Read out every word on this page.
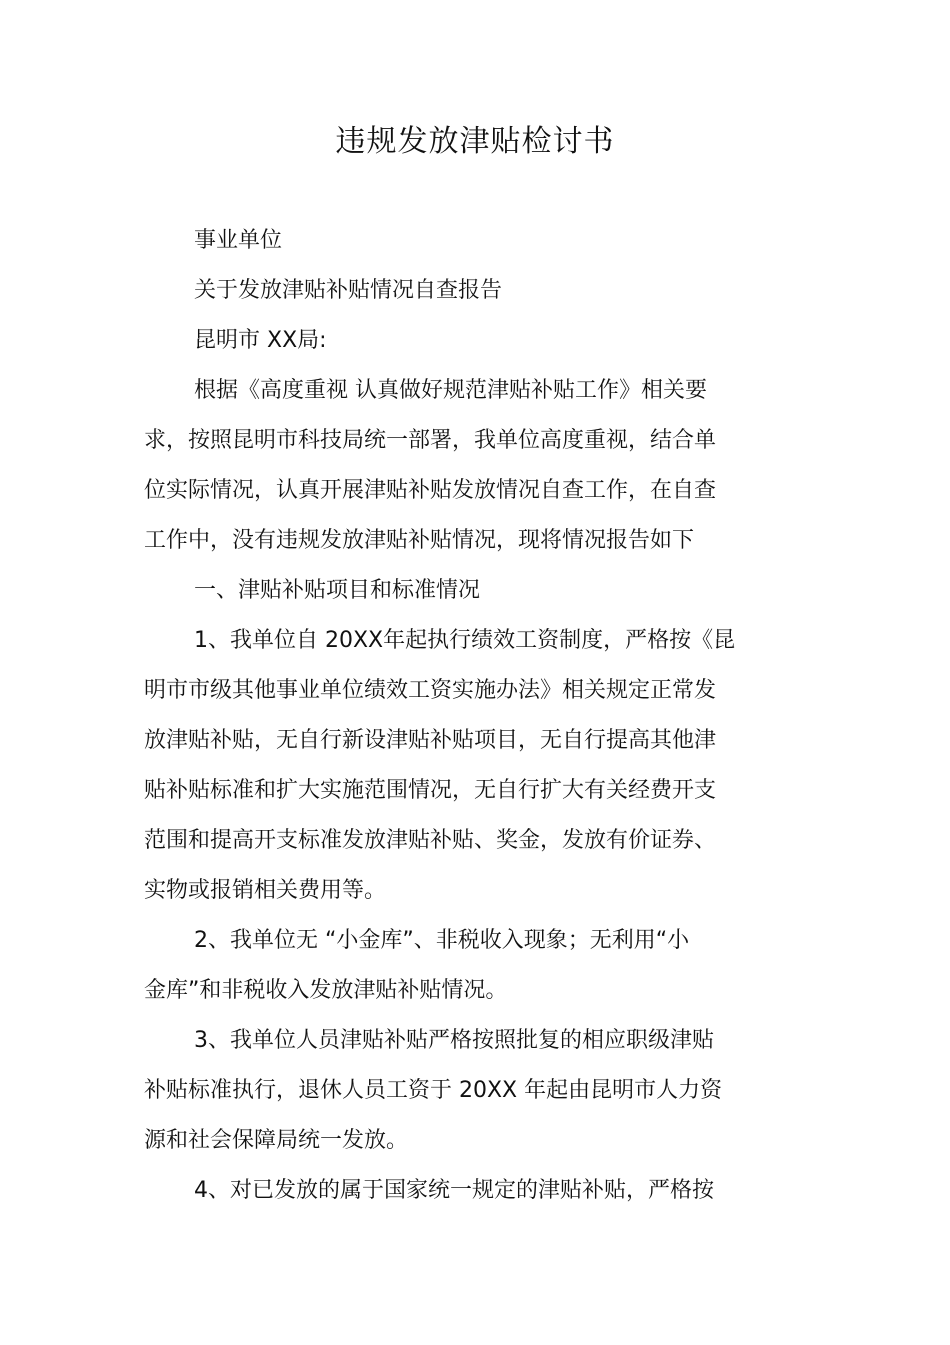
违规发放津贴检讨书
事业单位
关于发放津贴补贴情况自查报告
昆明市 XX局:
根据《高度重视 认真做好规范津贴补贴工作》相关要
求，按照昆明市科技局统一部署，我单位高度重视，结合单
位实际情况，认真开展津贴补贴发放情况自查工作，在自查
工作中，没有违规发放津贴补贴情况，现将情况报告如下
一、津贴补贴项目和标准情况
1、我单位自 20XX年起执行绩效工资制度，严格按《昆
明市市级其他事业单位绩效工资实施办法》相关规定正常发
放津贴补贴，无自行新设津贴补贴项目，无自行提高其他津
贴补贴标准和扩大实施范围情况，无自行扩大有关经费开支
范围和提高开支标准发放津贴补贴、奖金，发放有价证券、
实物或报销相关费用等。
2、我单位无 “小金库”、非税收入现象；无利用“小
金库”和非税收入发放津贴补贴情况。
3、我单位人员津贴补贴严格按照批复的相应职级津贴
补贴标准执行，退休人员工资于 20XX 年起由昆明市人力资
源和社会保障局统一发放。
4、对已发放的属于国家统一规定的津贴补贴，严格按
